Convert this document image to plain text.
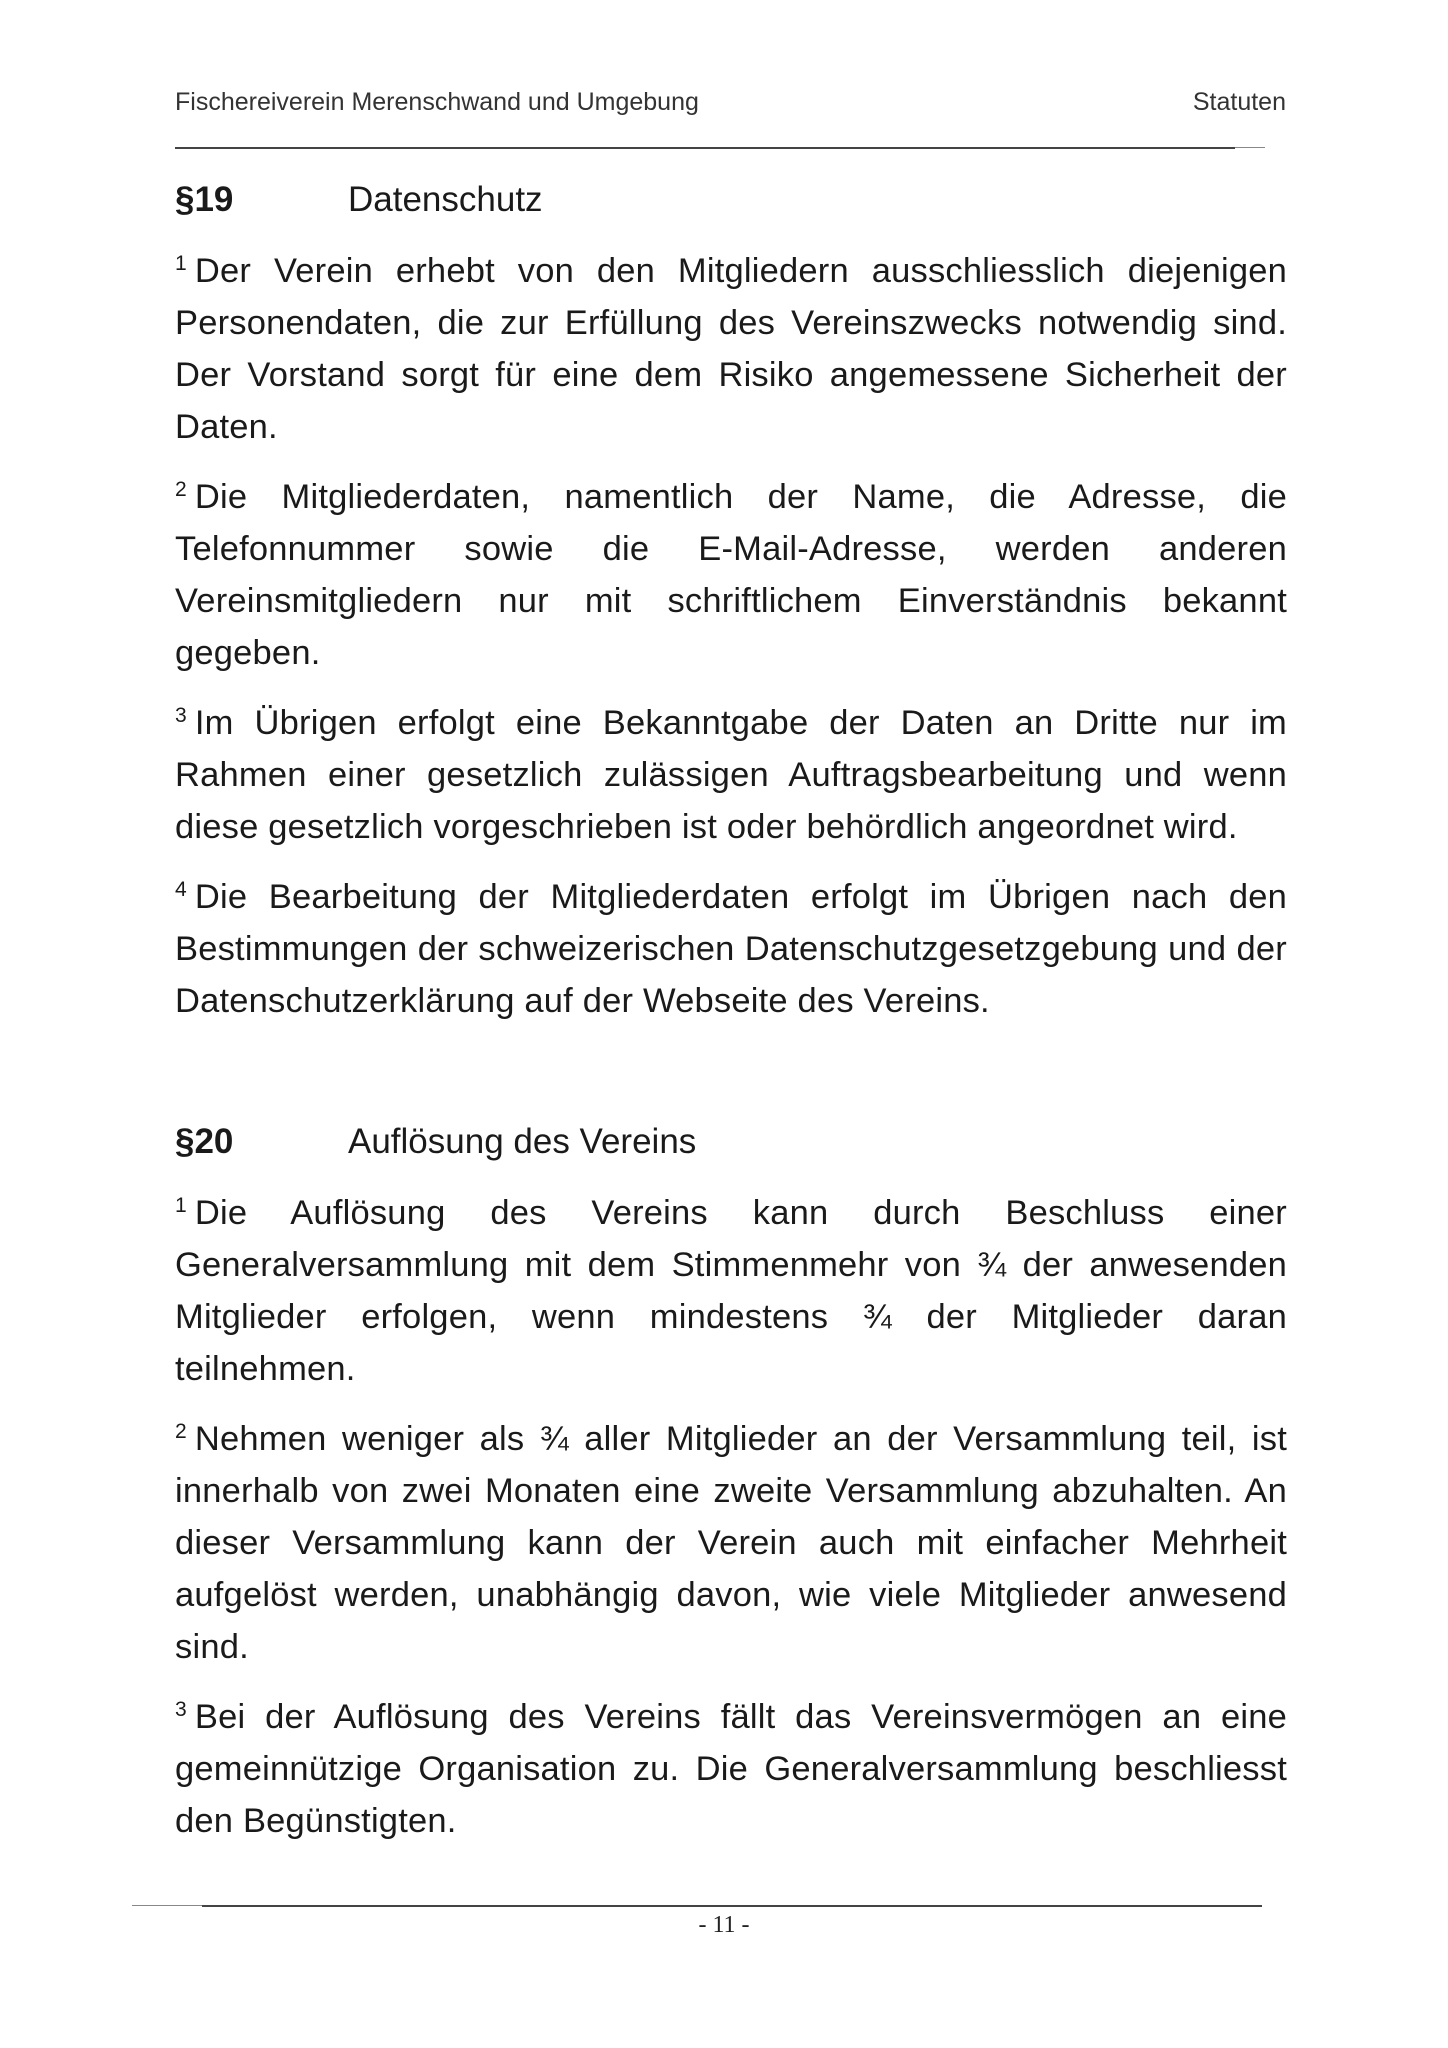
Fischereiverein Merenschwand und Umgebung	Statuten
§19	Datenschutz

$^1$ Der Verein erhebt von den Mitgliedern ausschliesslich diejenigen Personendaten, die zur Erfüllung des Vereinszwecks notwendig sind. Der Vorstand sorgt für eine dem Risiko angemessene Sicherheit der Daten.

$^2$ Die Mitgliederdaten, namentlich der Name, die Adresse, die Telefonnummer sowie die E-Mail-Adresse, werden anderen Vereinsmitgliedern nur mit schriftlichem Einverständnis bekannt gegeben.

$^3$ Im Übrigen erfolgt eine Bekanntgabe der Daten an Dritte nur im Rahmen einer gesetzlich zulässigen Auftragsbearbeitung und wenn diese gesetzlich vorgeschrieben ist oder behördlich angeordnet wird.

$^4$ Die Bearbeitung der Mitgliederdaten erfolgt im Übrigen nach den Bestimmungen der schweizerischen Datenschutzgesetzgebung und der Datenschutzerklärung auf der Webseite des Vereins.

§20	Auflösung des Vereins

$^1$ Die Auflösung des Vereins kann durch Beschluss einer Generalversammlung mit dem Stimmenmehr von ¾ der anwesenden Mitglieder erfolgen, wenn mindestens ¾ der Mitglieder daran teilnehmen.

$^2$ Nehmen weniger als ¾ aller Mitglieder an der Versammlung teil, ist innerhalb von zwei Monaten eine zweite Versammlung abzuhalten. An dieser Versammlung kann der Verein auch mit einfacher Mehrheit aufgelöst werden, unabhängig davon, wie viele Mitglieder anwesend sind.

$^3$ Bei der Auflösung des Vereins fällt das Vereinsvermögen an eine gemeinnützige Organisation zu. Die Generalversammlung beschliesst den Begünstigten.

- 11 -
